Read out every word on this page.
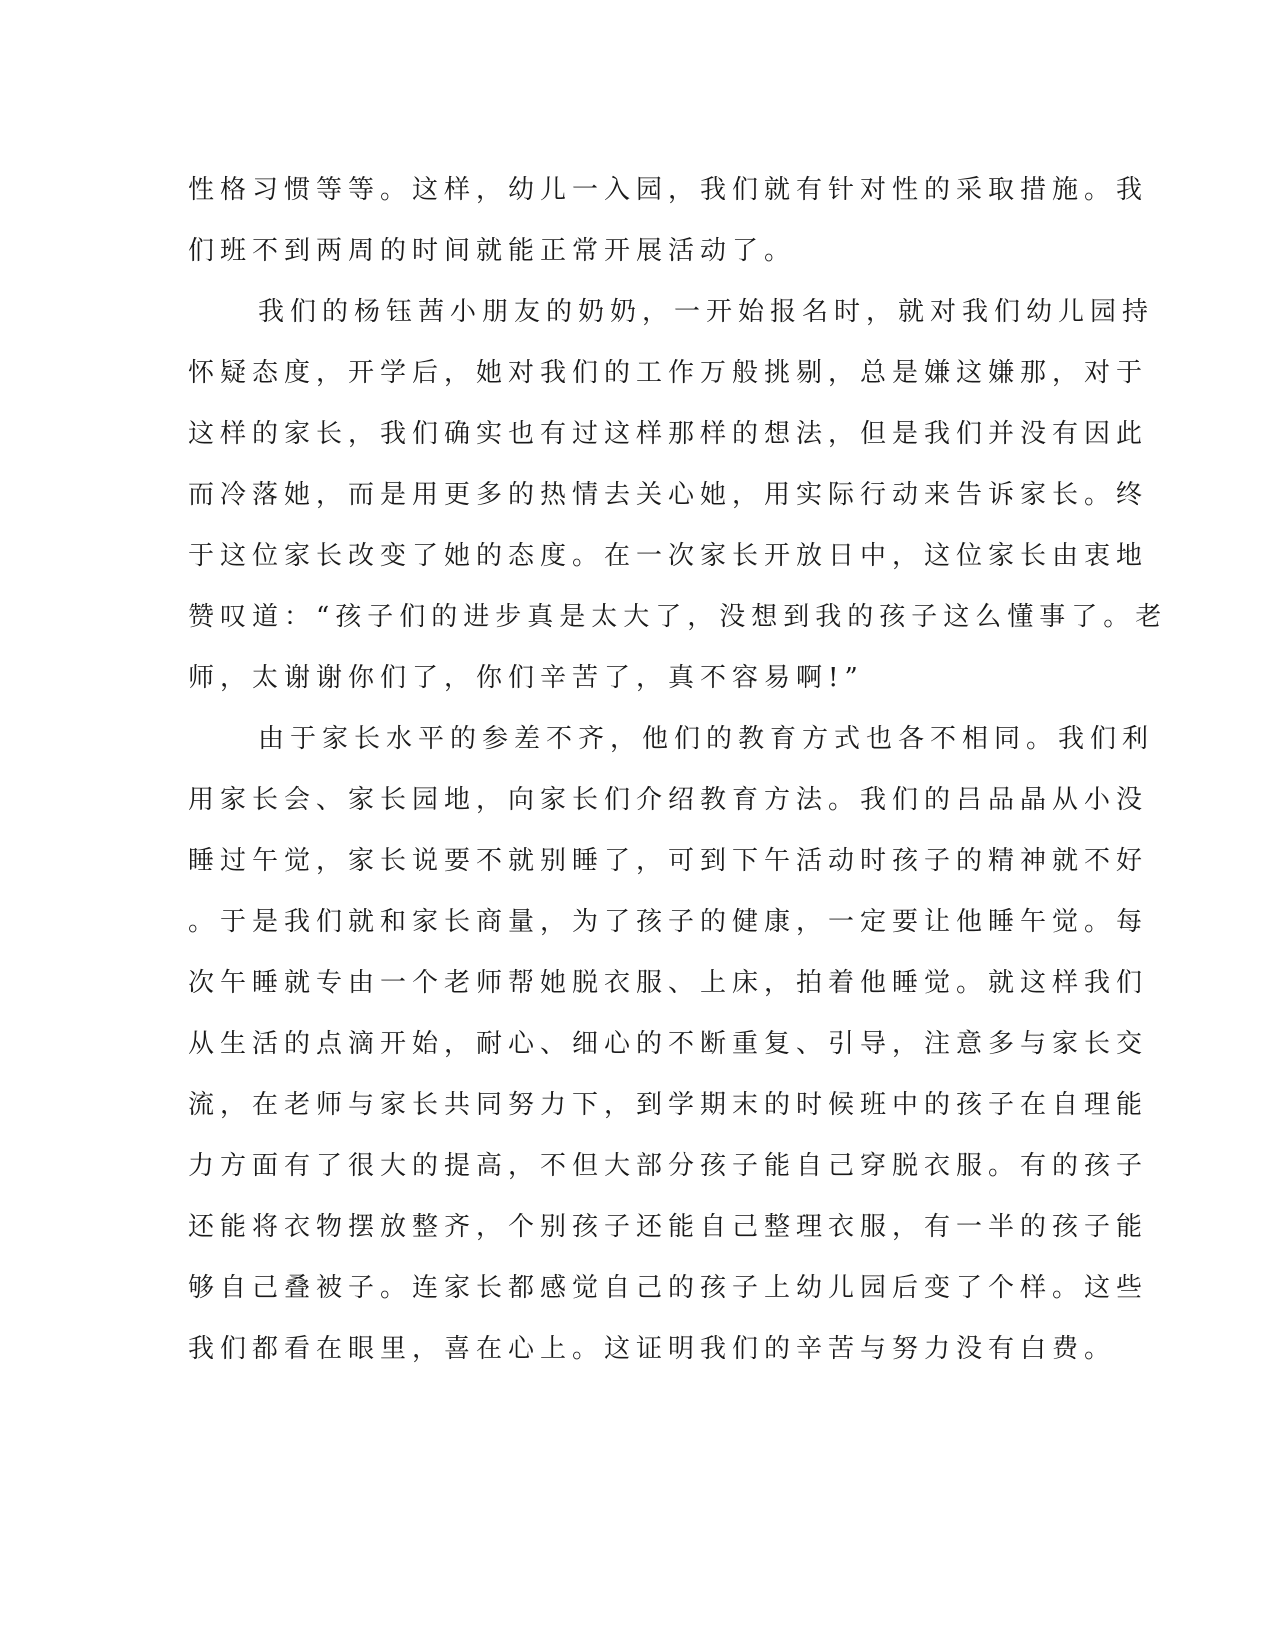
性格习惯等等。这样，幼儿一入园，我们就有针对性的采取措施。我
们班不到两周的时间就能正常开展活动了。
我们的杨钰茜小朋友的奶奶，一开始报名时，就对我们幼儿园持
怀疑态度，开学后，她对我们的工作万般挑剔，总是嫌这嫌那，对于
这样的家长，我们确实也有过这样那样的想法，但是我们并没有因此
而冷落她，而是用更多的热情去关心她，用实际行动来告诉家长。终
于这位家长改变了她的态度。在一次家长开放日中，这位家长由衷地
赞叹道：“孩子们的进步真是太大了，没想到我的孩子这么懂事了。老
师，太谢谢你们了，你们辛苦了，真不容易啊!”
由于家长水平的参差不齐，他们的教育方式也各不相同。我们利
用家长会、家长园地，向家长们介绍教育方法。我们的吕品晶从小没
睡过午觉，家长说要不就别睡了，可到下午活动时孩子的精神就不好
。于是我们就和家长商量，为了孩子的健康，一定要让他睡午觉。每
次午睡就专由一个老师帮她脱衣服、上床，拍着他睡觉。就这样我们
从生活的点滴开始，耐心、细心的不断重复、引导，注意多与家长交
流，在老师与家长共同努力下，到学期末的时候班中的孩子在自理能
力方面有了很大的提高，不但大部分孩子能自己穿脱衣服。有的孩子
还能将衣物摆放整齐，个别孩子还能自己整理衣服，有一半的孩子能
够自己叠被子。连家长都感觉自己的孩子上幼儿园后变了个样。这些
我们都看在眼里，喜在心上。这证明我们的辛苦与努力没有白费。
